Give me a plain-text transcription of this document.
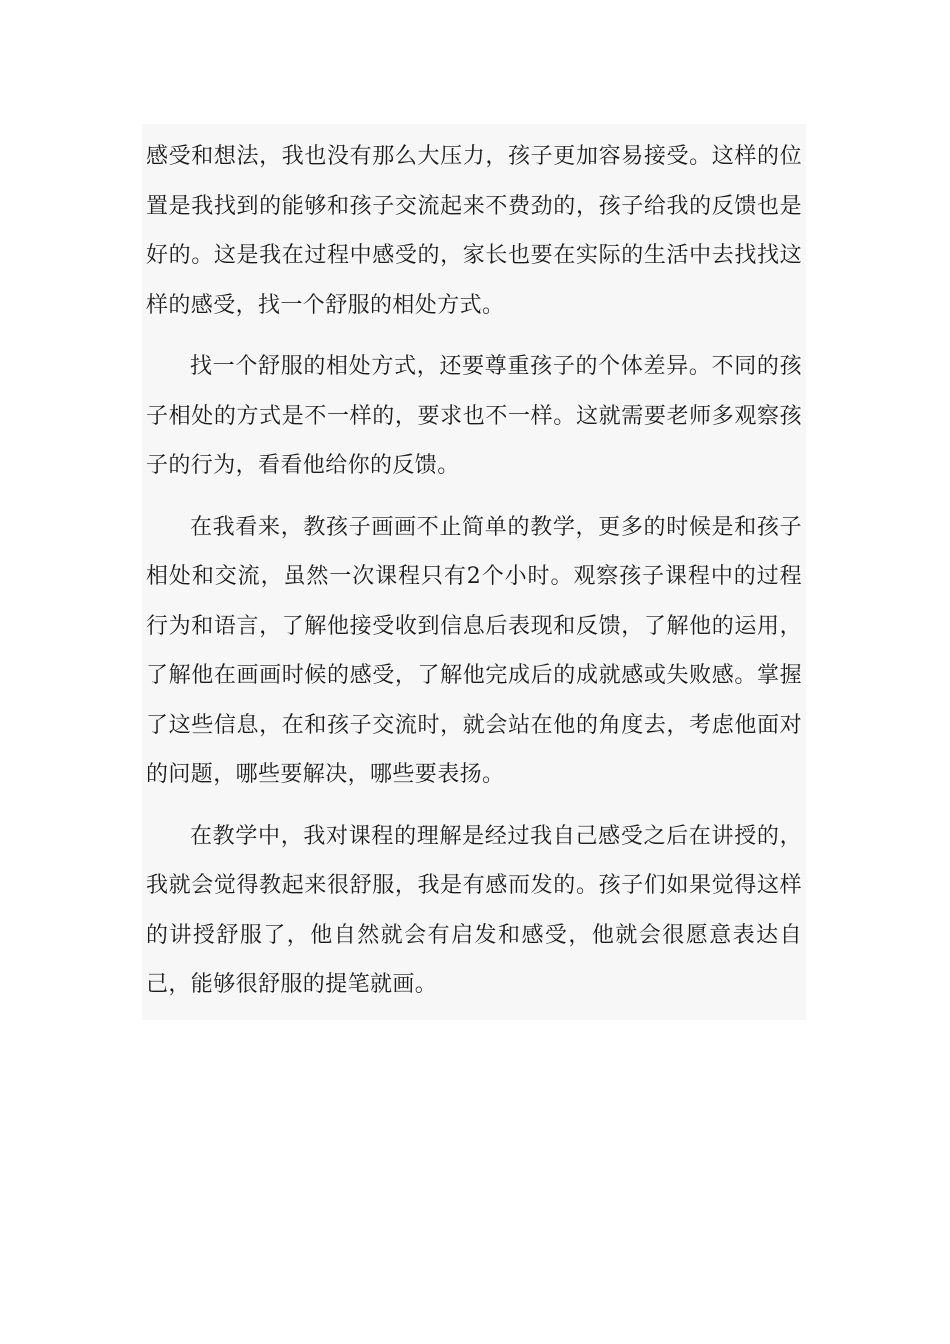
感受和想法，我也没有那么大压力，孩子更加容易接受。这样的位置是我找到的能够和孩子交流起来不费劲的，孩子给我的反馈也是好的。这是我在过程中感受的，家长也要在实际的生活中去找找这样的感受，找一个舒服的相处方式。

找一个舒服的相处方式，还要尊重孩子的个体差异。不同的孩子相处的方式是不一样的，要求也不一样。这就需要老师多观察孩子的行为，看看他给你的反馈。

在我看来，教孩子画画不止简单的教学，更多的时候是和孩子相处和交流，虽然一次课程只有2个小时。观察孩子课程中的过程行为和语言，了解他接受收到信息后表现和反馈，了解他的运用，了解他在画画时候的感受，了解他完成后的成就感或失败感。掌握了这些信息，在和孩子交流时，就会站在他的角度去，考虑他面对的问题，哪些要解决，哪些要表扬。

在教学中，我对课程的理解是经过我自己感受之后在讲授的，我就会觉得教起来很舒服，我是有感而发的。孩子们如果觉得这样的讲授舒服了，他自然就会有启发和感受，他就会很愿意表达自己，能够很舒服的提笔就画。
